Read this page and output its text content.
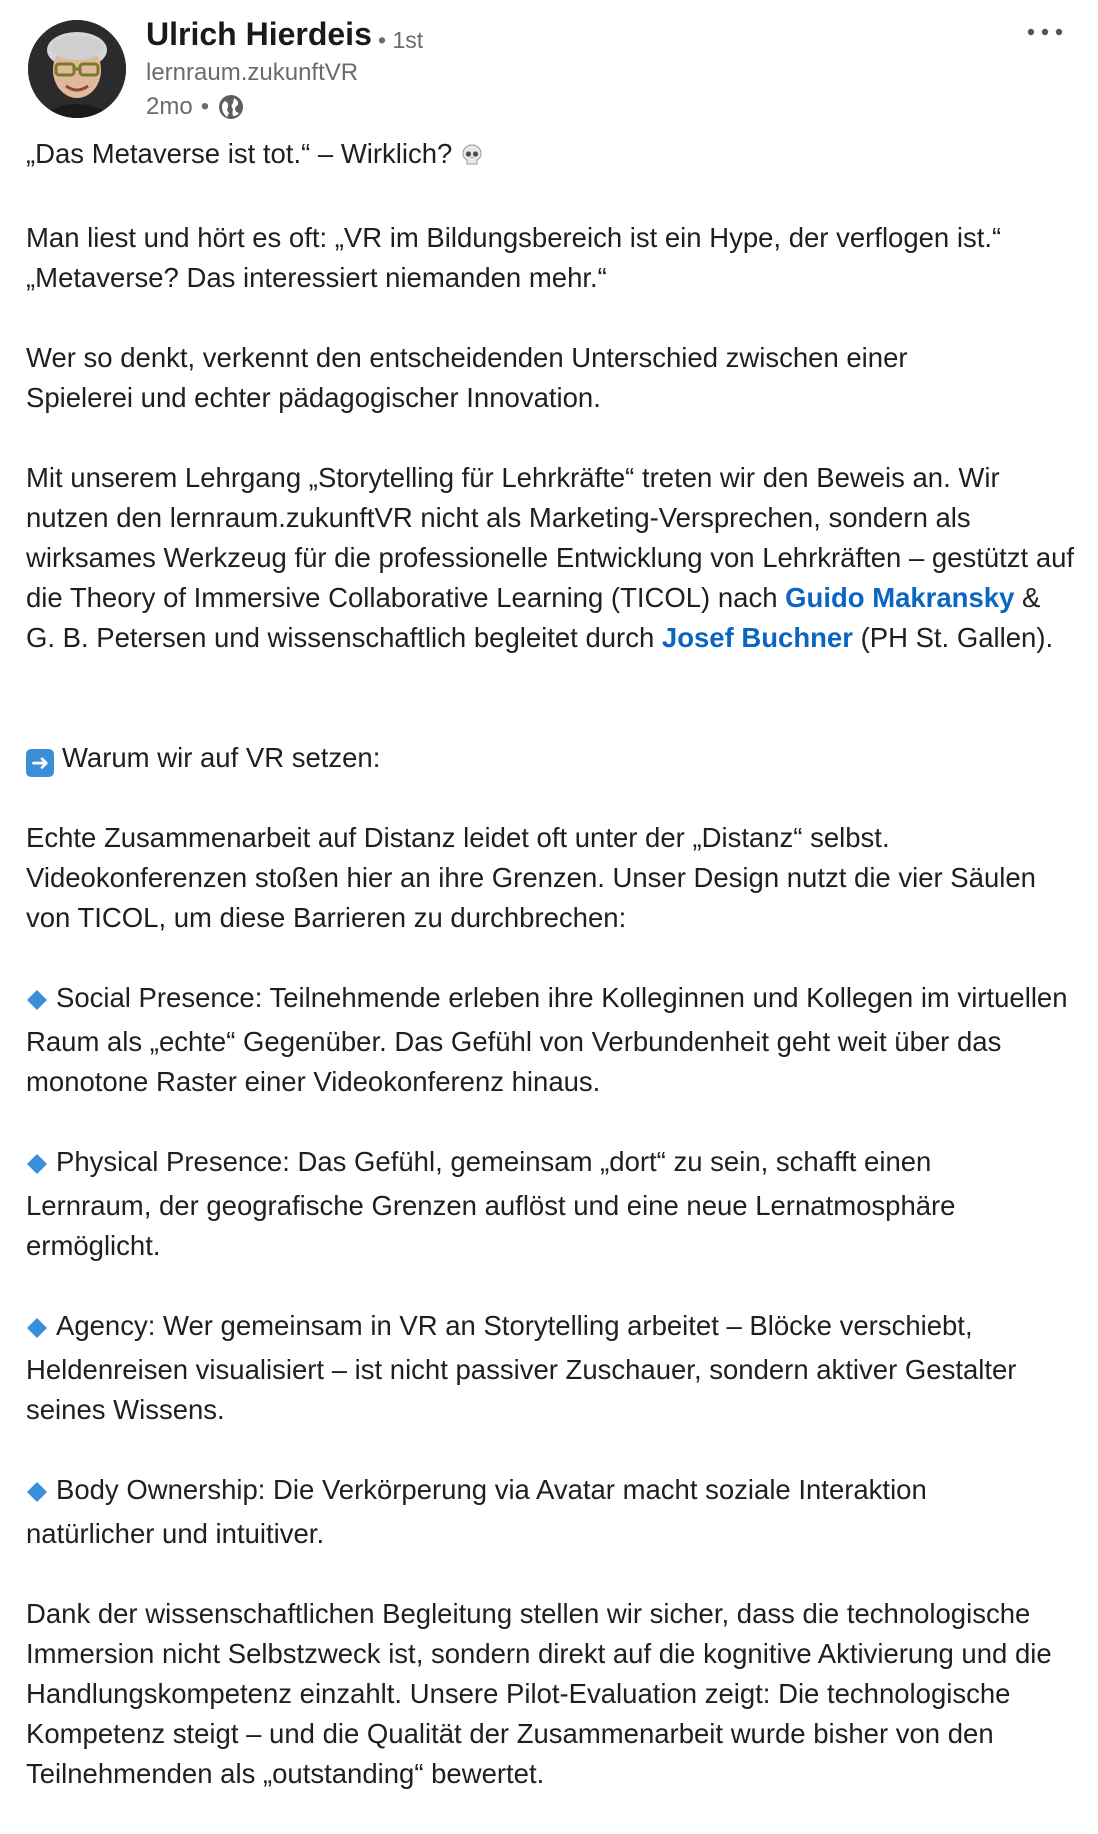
Ulrich Hierdeis • 1st
lernraum.zukunftVR
2mo •

„Das Metaverse ist tot.“ – Wirklich?

Man liest und hört es oft: „VR im Bildungsbereich ist ein Hype, der verflogen ist.“

„Metaverse? Das interessiert niemanden mehr.“

Wer so denkt, verkennt den entscheidenden Unterschied zwischen einer Spielerei und echter pädagogischer Innovation.

Mit unserem Lehrgang „Storytelling für Lehrkräfte“ treten wir den Beweis an. Wir nutzen den lernraum.zukunftVR nicht als Marketing-Versprechen, sondern als wirksames Werkzeug für die professionelle Entwicklung von Lehrkräften – gestützt auf die Theory of Immersive Collaborative Learning (TICOL) nach Guido Makransky & G. B. Petersen und wissenschaftlich begleitet durch Josef Buchner (PH St. Gallen).

➜ Warum wir auf VR setzen:

Echte Zusammenarbeit auf Distanz leidet oft unter der „Distanz“ selbst. Videokonferenzen stoßen hier an ihre Grenzen. Unser Design nutzt die vier Säulen von TICOL, um diese Barrieren zu durchbrechen:

Social Presence: Teilnehmende erleben ihre Kolleginnen und Kollegen im virtuellen Raum als „echte“ Gegenüber. Das Gefühl von Verbundenheit geht weit über das monotone Raster einer Videokonferenz hinaus.

Physical Presence: Das Gefühl, gemeinsam „dort“ zu sein, schafft einen Lernraum, der geografische Grenzen auflöst und eine neue Lernatmosphäre ermöglicht.

Agency: Wer gemeinsam in VR an Storytelling arbeitet – Blöcke verschiebt, Heldenreisen visualisiert – ist nicht passiver Zuschauer, sondern aktiver Gestalter seines Wissens.

Body Ownership: Die Verkörperung via Avatar macht soziale Interaktion natürlicher und intuitiver.

Dank der wissenschaftlichen Begleitung stellen wir sicher, dass die technologische Immersion nicht Selbstzweck ist, sondern direkt auf die kognitive Aktivierung und die Handlungskompetenz einzahlt. Unsere Pilot-Evaluation zeigt: Die technologische Kompetenz steigt – und die Qualität der Zusammenarbeit wurde bisher von den Teilnehmenden als „outstanding“ bewertet.
